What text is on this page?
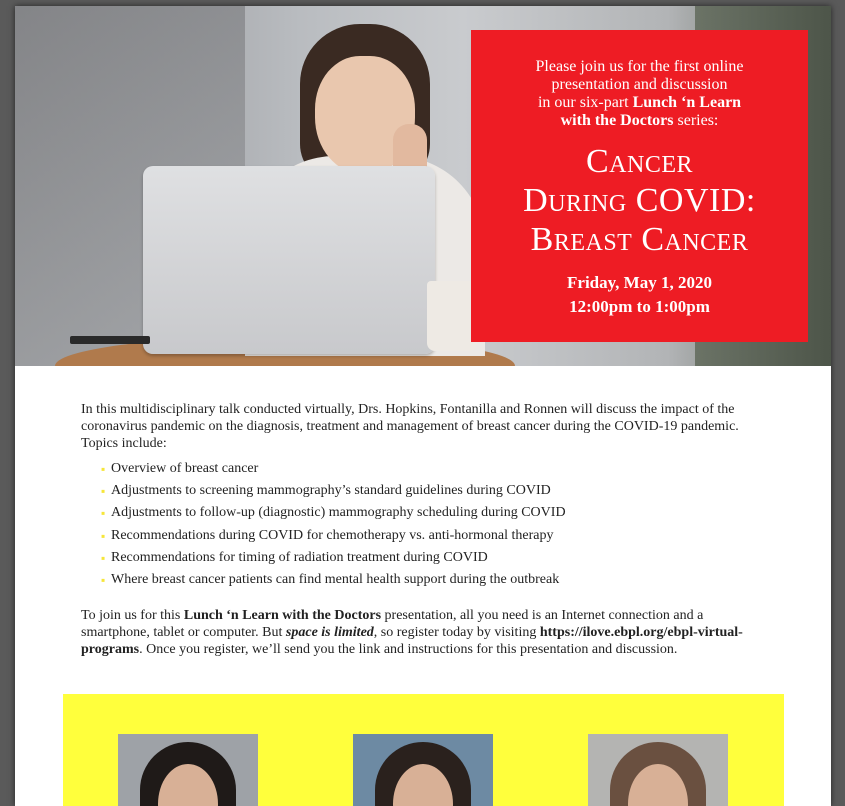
Please join us for the first online
presentation and discussion
in our six-part Lunch ‘n Learn
with the Doctors series:
Cancer
During COVID:
Breast Cancer
Friday, May 1, 2020
12:00pm to 1:00pm

In this multidisciplinary talk conducted virtually, Drs. Hopkins, Fontanilla and Ronnen will discuss the impact of the coronavirus pandemic on the diagnosis, treatment and management of breast cancer during the COVID-19 pandemic. Topics include:

▪ Overview of breast cancer
▪ Adjustments to screening mammography’s standard guidelines during COVID
▪ Adjustments to follow-up (diagnostic) mammography scheduling during COVID
▪ Recommendations during COVID for chemotherapy vs. anti-hormonal therapy
▪ Recommendations for timing of radiation treatment during COVID
▪ Where breast cancer patients can find mental health support during the outbreak

To join us for this Lunch ‘n Learn with the Doctors presentation, all you need is an Internet connection and a smartphone, tablet or computer. But space is limited, so register today by visiting https://ilove.ebpl.org/ebpl-virtual-programs. Once you register, we’ll send you the link and instructions for this presentation and discussion.
